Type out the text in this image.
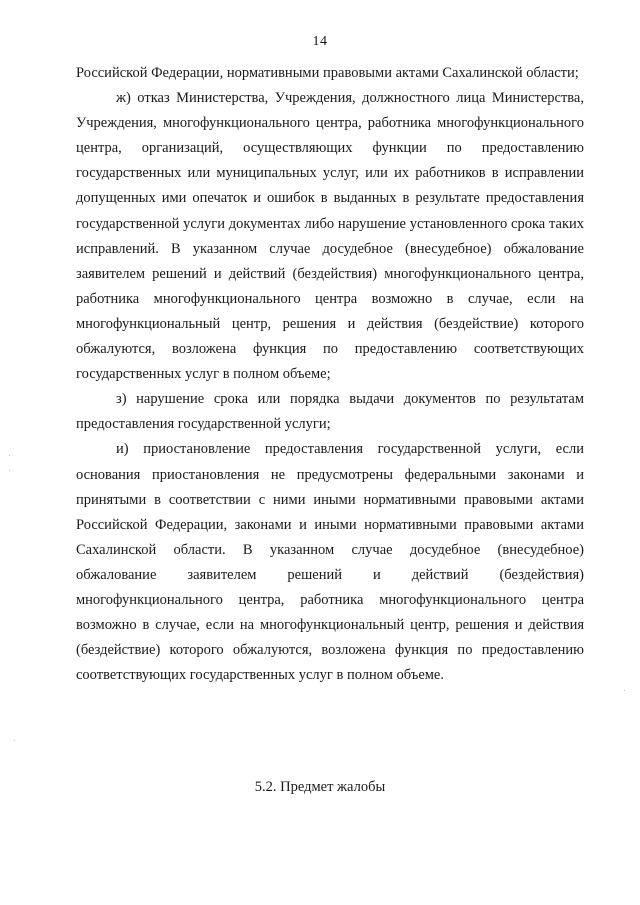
14

Российской Федерации, нормативными правовыми актами Сахалинской области;

ж) отказ Министерства, Учреждения, должностного лица Министерства, Учреждения, многофункционального центра, работника многофункционального центра, организаций, осуществляющих функции по предоставлению государственных или муниципальных услуг, или их работников в исправлении допущенных ими опечаток и ошибок в выданных в результате предоставления государственной услуги документах либо нарушение установленного срока таких исправлений. В указанном случае досудебное (внесудебное) обжалование заявителем решений и действий (бездействия) многофункционального центра, работника многофункционального центра возможно в случае, если на многофункциональный центр, решения и действия (бездействие) которого обжалуются, возложена функция по предоставлению соответствующих государственных услуг в полном объеме;

з) нарушение срока или порядка выдачи документов по результатам предоставления государственной услуги;

и) приостановление предоставления государственной услуги, если основания приостановления не предусмотрены федеральными законами и принятыми в соответствии с ними иными нормативными правовыми актами Российской Федерации, законами и иными нормативными правовыми актами Сахалинской области. В указанном случае досудебное (внесудебное) обжалование заявителем решений и действий (бездействия) многофункционального центра, работника многофункционального центра возможно в случае, если на многофункциональный центр, решения и действия (бездействие) которого обжалуются, возложена функция по предоставлению соответствующих государственных услуг в полном объеме.

5.2. Предмет жалобы
